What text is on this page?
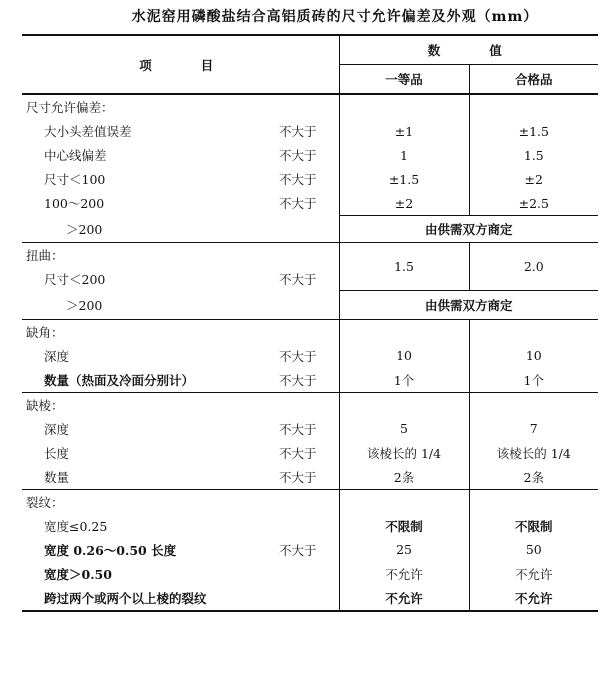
水泥窑用磷酸盐结合高铝质砖的尺寸允许偏差及外观（mm）
项　　目		数　　值	
		一等品	合格品
尺寸允许偏差：			
大小头差值误差	不大于	±1	±1.5
中心线偏差	不大于	1	1.5
尺寸＜100	不大于	±1.5	±2
100～200	不大于	±2	±2.5
＞200		由供需双方商定	
扭曲：		1.5	2.0
尺寸＜200	不大于		
＞200		由供需双方商定	
缺角：			
深度	不大于	10	10
数量（热面及冷面分别计）	不大于	1个	1个
缺棱：			
深度	不大于	5	7
长度	不大于	该棱长的 1/4	该棱长的 1/4
数量	不大于	2条	2条
裂纹：			
宽度≤0.25		不限制	不限制
宽度 0.26～0.50 长度	不大于	25	50
宽度＞0.50		不允许	不允许
跨过两个或两个以上棱的裂纹		不允许	不允许
